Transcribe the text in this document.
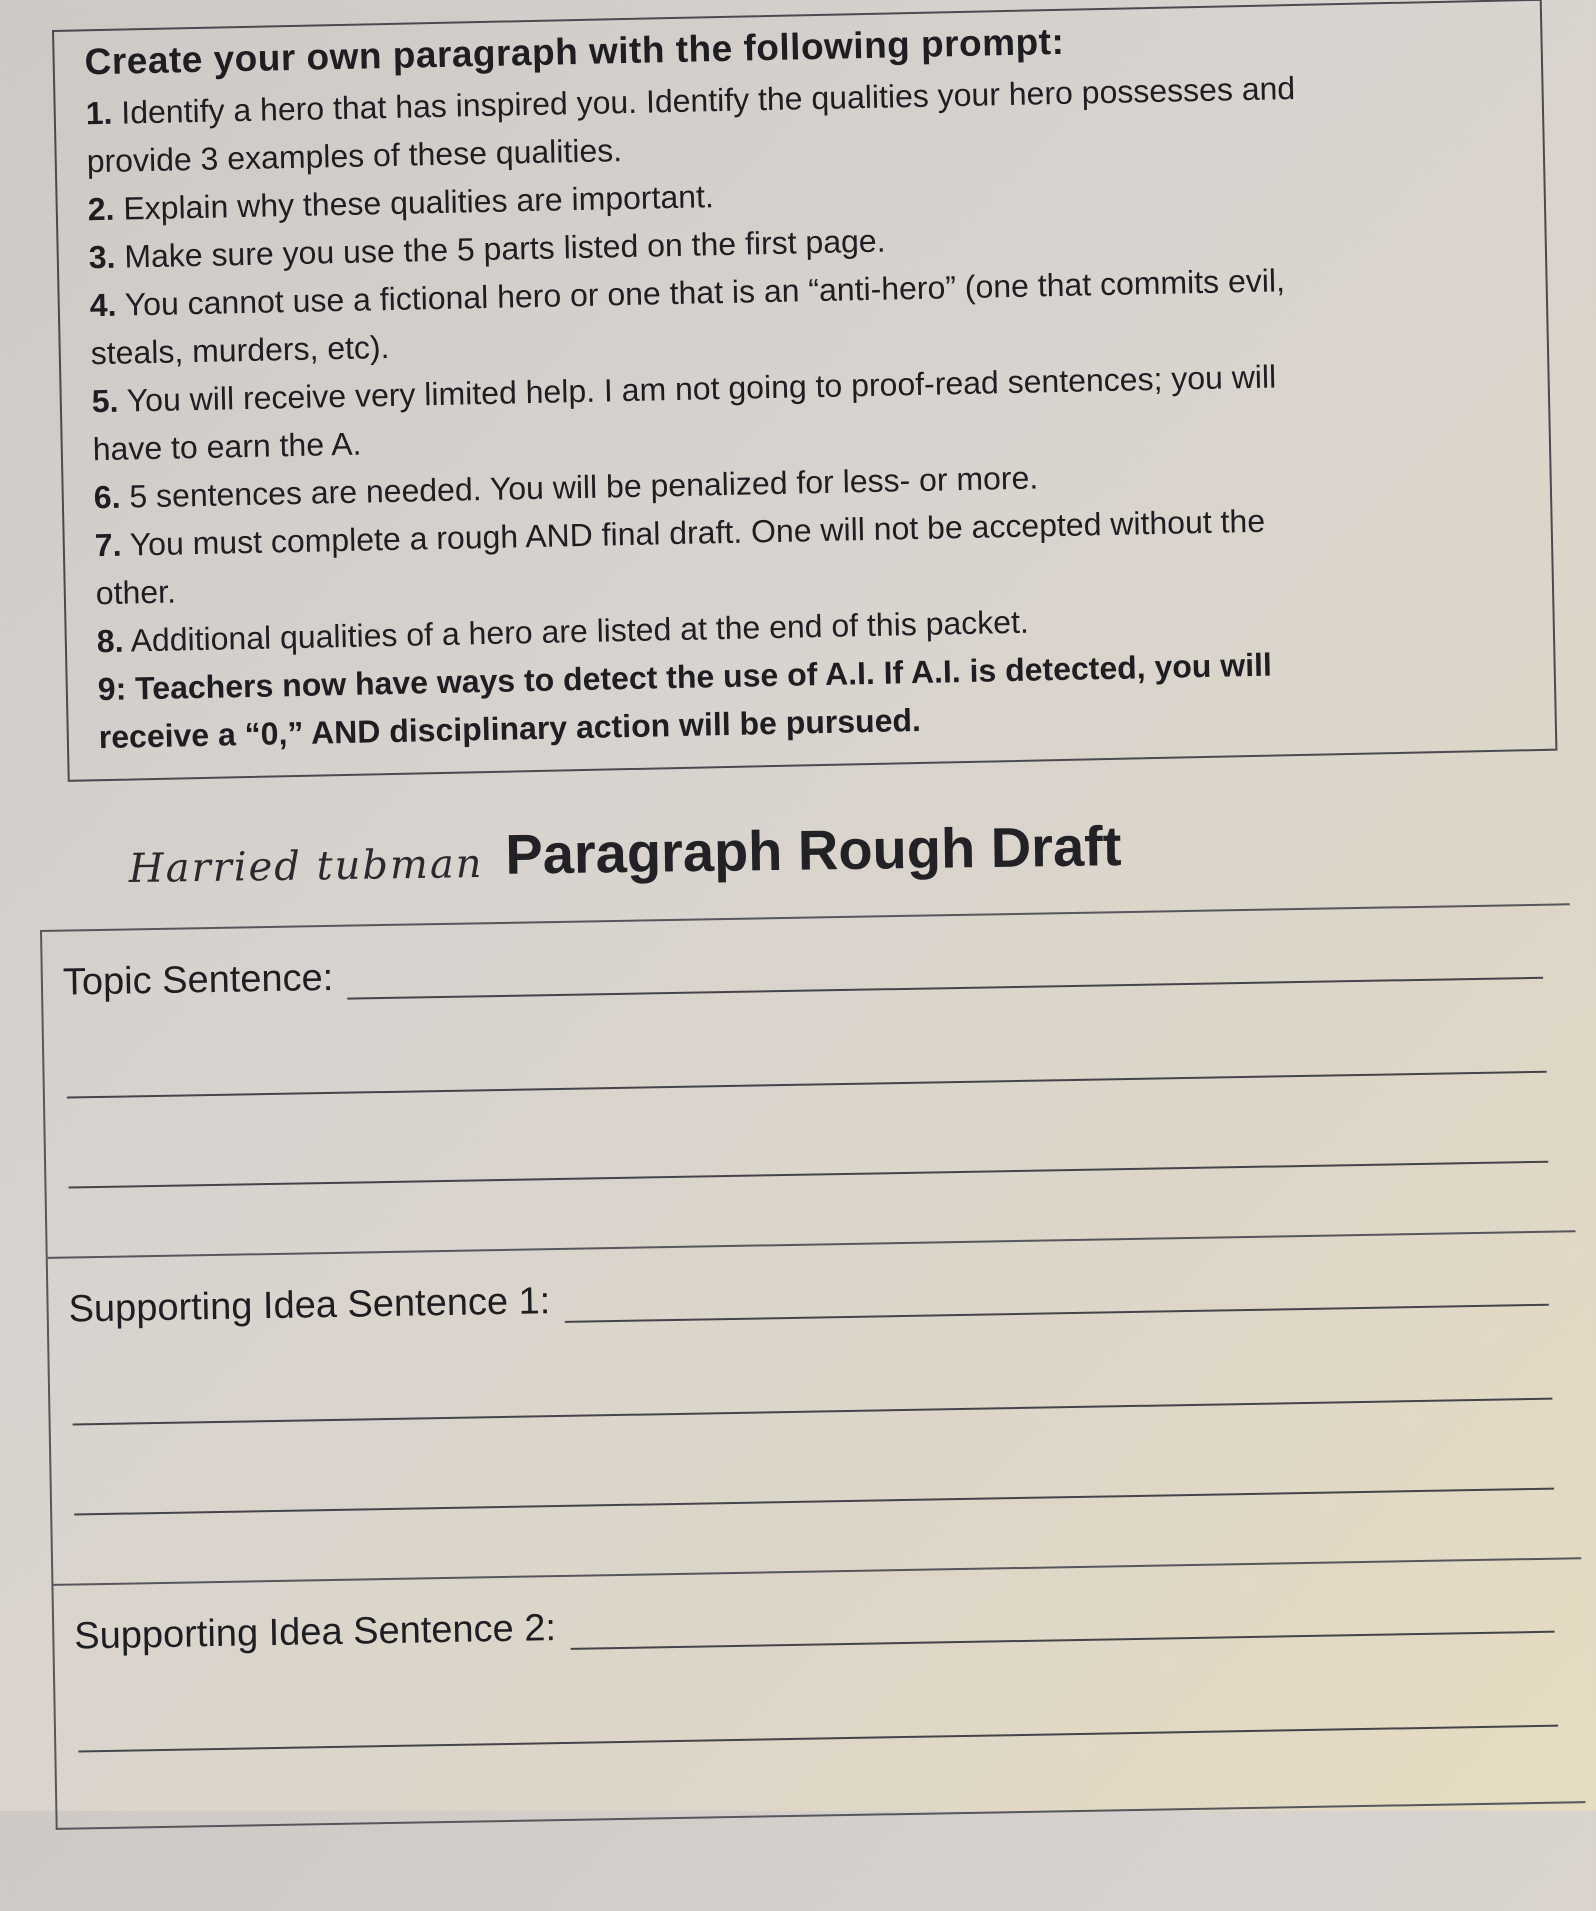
Create your own paragraph with the following prompt:

1. Identify a hero that has inspired you. Identify the qualities your hero possesses and

provide 3 examples of these qualities.

2. Explain why these qualities are important.

3. Make sure you use the 5 parts listed on the first page.

4. You cannot use a fictional hero or one that is an “anti-hero” (one that commits evil,

steals, murders, etc).

5. You will receive very limited help. I am not going to proof-read sentences; you will

have to earn the A.

6. 5 sentences are needed. You will be penalized for less- or more.

7. You must complete a rough AND final draft. One will not be accepted without the

other.

8. Additional qualities of a hero are listed at the end of this packet.

9: Teachers now have ways to detect the use of A.I. If A.I. is detected, you will

receive a “0,” AND disciplinary action will be pursued.

Harried tubman Paragraph Rough Draft
Topic Sentence:
Supporting Idea Sentence 1:
Supporting Idea Sentence 2:
